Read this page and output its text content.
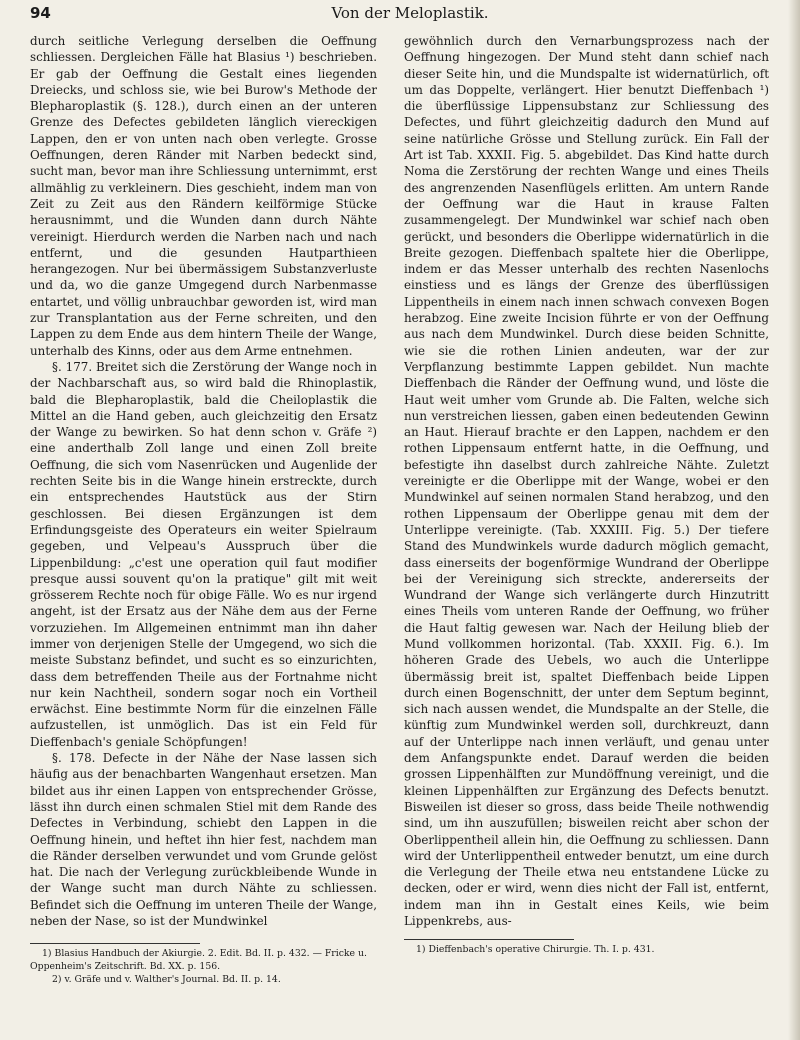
94	Von der Meloplastik.

durch seitliche Verlegung derselben die Oeffnung schliessen. Dergleichen Fälle hat Blasius ¹) beschrieben. Er gab der Oeffnung die Gestalt eines liegenden Dreiecks, und schloss sie, wie bei Burow's Methode der Blepharoplastik (§. 128.), durch einen an der unteren Grenze des Defectes gebildeten länglich viereckigen Lappen, den er von unten nach oben verlegte. Grosse Oeffnungen, deren Ränder mit Narben bedeckt sind, sucht man, bevor man ihre Schliessung unternimmt, erst allmählig zu verkleinern. Dies geschieht, indem man von Zeit zu Zeit aus den Rändern keilförmige Stücke herausnimmt, und die Wunden dann durch Nähte vereinigt. Hierdurch werden die Narben nach und nach entfernt, und die gesunden Hautparthieen herangezogen. Nur bei übermässigem Substanzverluste und da, wo die ganze Umgegend durch Narbenmasse entartet, und völlig unbrauchbar geworden ist, wird man zur Transplantation aus der Ferne schreiten, und den Lappen zu dem Ende aus dem hintern Theile der Wange, unterhalb des Kinns, oder aus dem Arme entnehmen.

§. 177. Breitet sich die Zerstörung der Wange noch in der Nachbarschaft aus, so wird bald die Rhinoplastik, bald die Blepharoplastik, bald die Cheiloplastik die Mittel an die Hand geben, auch gleichzeitig den Ersatz der Wange zu bewirken. So hat denn schon v. Gräfe ²) eine anderthalb Zoll lange und einen Zoll breite Oeffnung, die sich vom Nasenrücken und Augenlide der rechten Seite bis in die Wange hinein erstreckte, durch ein entsprechendes Hautstück aus der Stirn geschlossen. Bei diesen Ergänzungen ist dem Erfindungsgeiste des Operateurs ein weiter Spielraum gegeben, und Velpeau's Ausspruch über die Lippenbildung: „c'est une operation quil faut modifier presque aussi souvent qu'on la pratique" gilt mit weit grösserem Rechte noch für obige Fälle. Wo es nur irgend angeht, ist der Ersatz aus der Nähe dem aus der Ferne vorzuziehen. Im Allgemeinen entnimmt man ihn daher immer von derjenigen Stelle der Umgegend, wo sich die meiste Substanz befindet, und sucht es so einzurichten, dass dem betreffenden Theile aus der Fortnahme nicht nur kein Nachtheil, sondern sogar noch ein Vortheil erwächst. Eine bestimmte Norm für die einzelnen Fälle aufzustellen, ist unmöglich. Das ist ein Feld für Dieffenbach's geniale Schöpfungen!

§. 178. Defecte in der Nähe der Nase lassen sich häufig aus der benachbarten Wangenhaut ersetzen. Man bildet aus ihr einen Lappen von entsprechender Grösse, lässt ihn durch einen schmalen Stiel mit dem Rande des Defectes in Verbindung, schiebt den Lappen in die Oeffnung hinein, und heftet ihn hier fest, nachdem man die Ränder derselben verwundet und vom Grunde gelöst hat. Die nach der Verlegung zurückbleibende Wunde in der Wange sucht man durch Nähte zu schliessen. Befindet sich die Oeffnung im unteren Theile der Wange, neben der Nase, so ist der Mundwinkel

1) Blasius Handbuch der Akiurgie. 2. Edit. Bd. II. p. 432. — Fricke u. Oppenheim's Zeitschrift. Bd. XX. p. 156.

2) v. Gräfe und v. Walther's Journal. Bd. II. p. 14.

gewöhnlich durch den Vernarbungsprozess nach der Oeffnung hingezogen. Der Mund steht dann schief nach dieser Seite hin, und die Mundspalte ist widernatürlich, oft um das Doppelte, verlängert. Hier benutzt Dieffenbach ¹) die überflüssige Lippensubstanz zur Schliessung des Defectes, und führt gleichzeitig dadurch den Mund auf seine natürliche Grösse und Stellung zurück. Ein Fall der Art ist Tab. XXXII. Fig. 5. abgebildet. Das Kind hatte durch Noma die Zerstörung der rechten Wange und eines Theils des angrenzenden Nasenflügels erlitten. Am untern Rande der Oeffnung war die Haut in krause Falten zusammengelegt. Der Mundwinkel war schief nach oben gerückt, und besonders die Oberlippe widernatürlich in die Breite gezogen. Dieffenbach spaltete hier die Oberlippe, indem er das Messer unterhalb des rechten Nasenlochs einstiess und es längs der Grenze des überflüssigen Lippentheils in einem nach innen schwach convexen Bogen herabzog. Eine zweite Incision führte er von der Oeffnung aus nach dem Mundwinkel. Durch diese beiden Schnitte, wie sie die rothen Linien andeuten, war der zur Verpflanzung bestimmte Lappen gebildet. Nun machte Dieffenbach die Ränder der Oeffnung wund, und löste die Haut weit umher vom Grunde ab. Die Falten, welche sich nun verstreichen liessen, gaben einen bedeutenden Gewinn an Haut. Hierauf brachte er den Lappen, nachdem er den rothen Lippensaum entfernt hatte, in die Oeffnung, und befestigte ihn daselbst durch zahlreiche Nähte. Zuletzt vereinigte er die Oberlippe mit der Wange, wobei er den Mundwinkel auf seinen normalen Stand herabzog, und den rothen Lippensaum der Oberlippe genau mit dem der Unterlippe vereinigte. (Tab. XXXIII. Fig. 5.) Der tiefere Stand des Mundwinkels wurde dadurch möglich gemacht, dass einerseits der bogenförmige Wundrand der Oberlippe bei der Vereinigung sich streckte, andererseits der Wundrand der Wange sich verlängerte durch Hinzutritt eines Theils vom unteren Rande der Oeffnung, wo früher die Haut faltig gewesen war. Nach der Heilung blieb der Mund vollkommen horizontal. (Tab. XXXII. Fig. 6.). Im höheren Grade des Uebels, wo auch die Unterlippe übermässig breit ist, spaltet Dieffenbach beide Lippen durch einen Bogenschnitt, der unter dem Septum beginnt, sich nach aussen wendet, die Mundspalte an der Stelle, die künftig zum Mundwinkel werden soll, durchkreuzt, dann auf der Unterlippe nach innen verläuft, und genau unter dem Anfangspunkte endet. Darauf werden die beiden grossen Lippenhälften zur Mundöffnung vereinigt, und die kleinen Lippenhälften zur Ergänzung des Defects benutzt. Bisweilen ist dieser so gross, dass beide Theile nothwendig sind, um ihn auszufüllen; bisweilen reicht aber schon der Oberlippentheil allein hin, die Oeffnung zu schliessen. Dann wird der Unterlippentheil entweder benutzt, um eine durch die Verlegung der Theile etwa neu entstandene Lücke zu decken, oder er wird, wenn dies nicht der Fall ist, entfernt, indem man ihn in Gestalt eines Keils, wie beim Lippenkrebs, aus-

1) Dieffenbach's operative Chirurgie. Th. I. p. 431.
